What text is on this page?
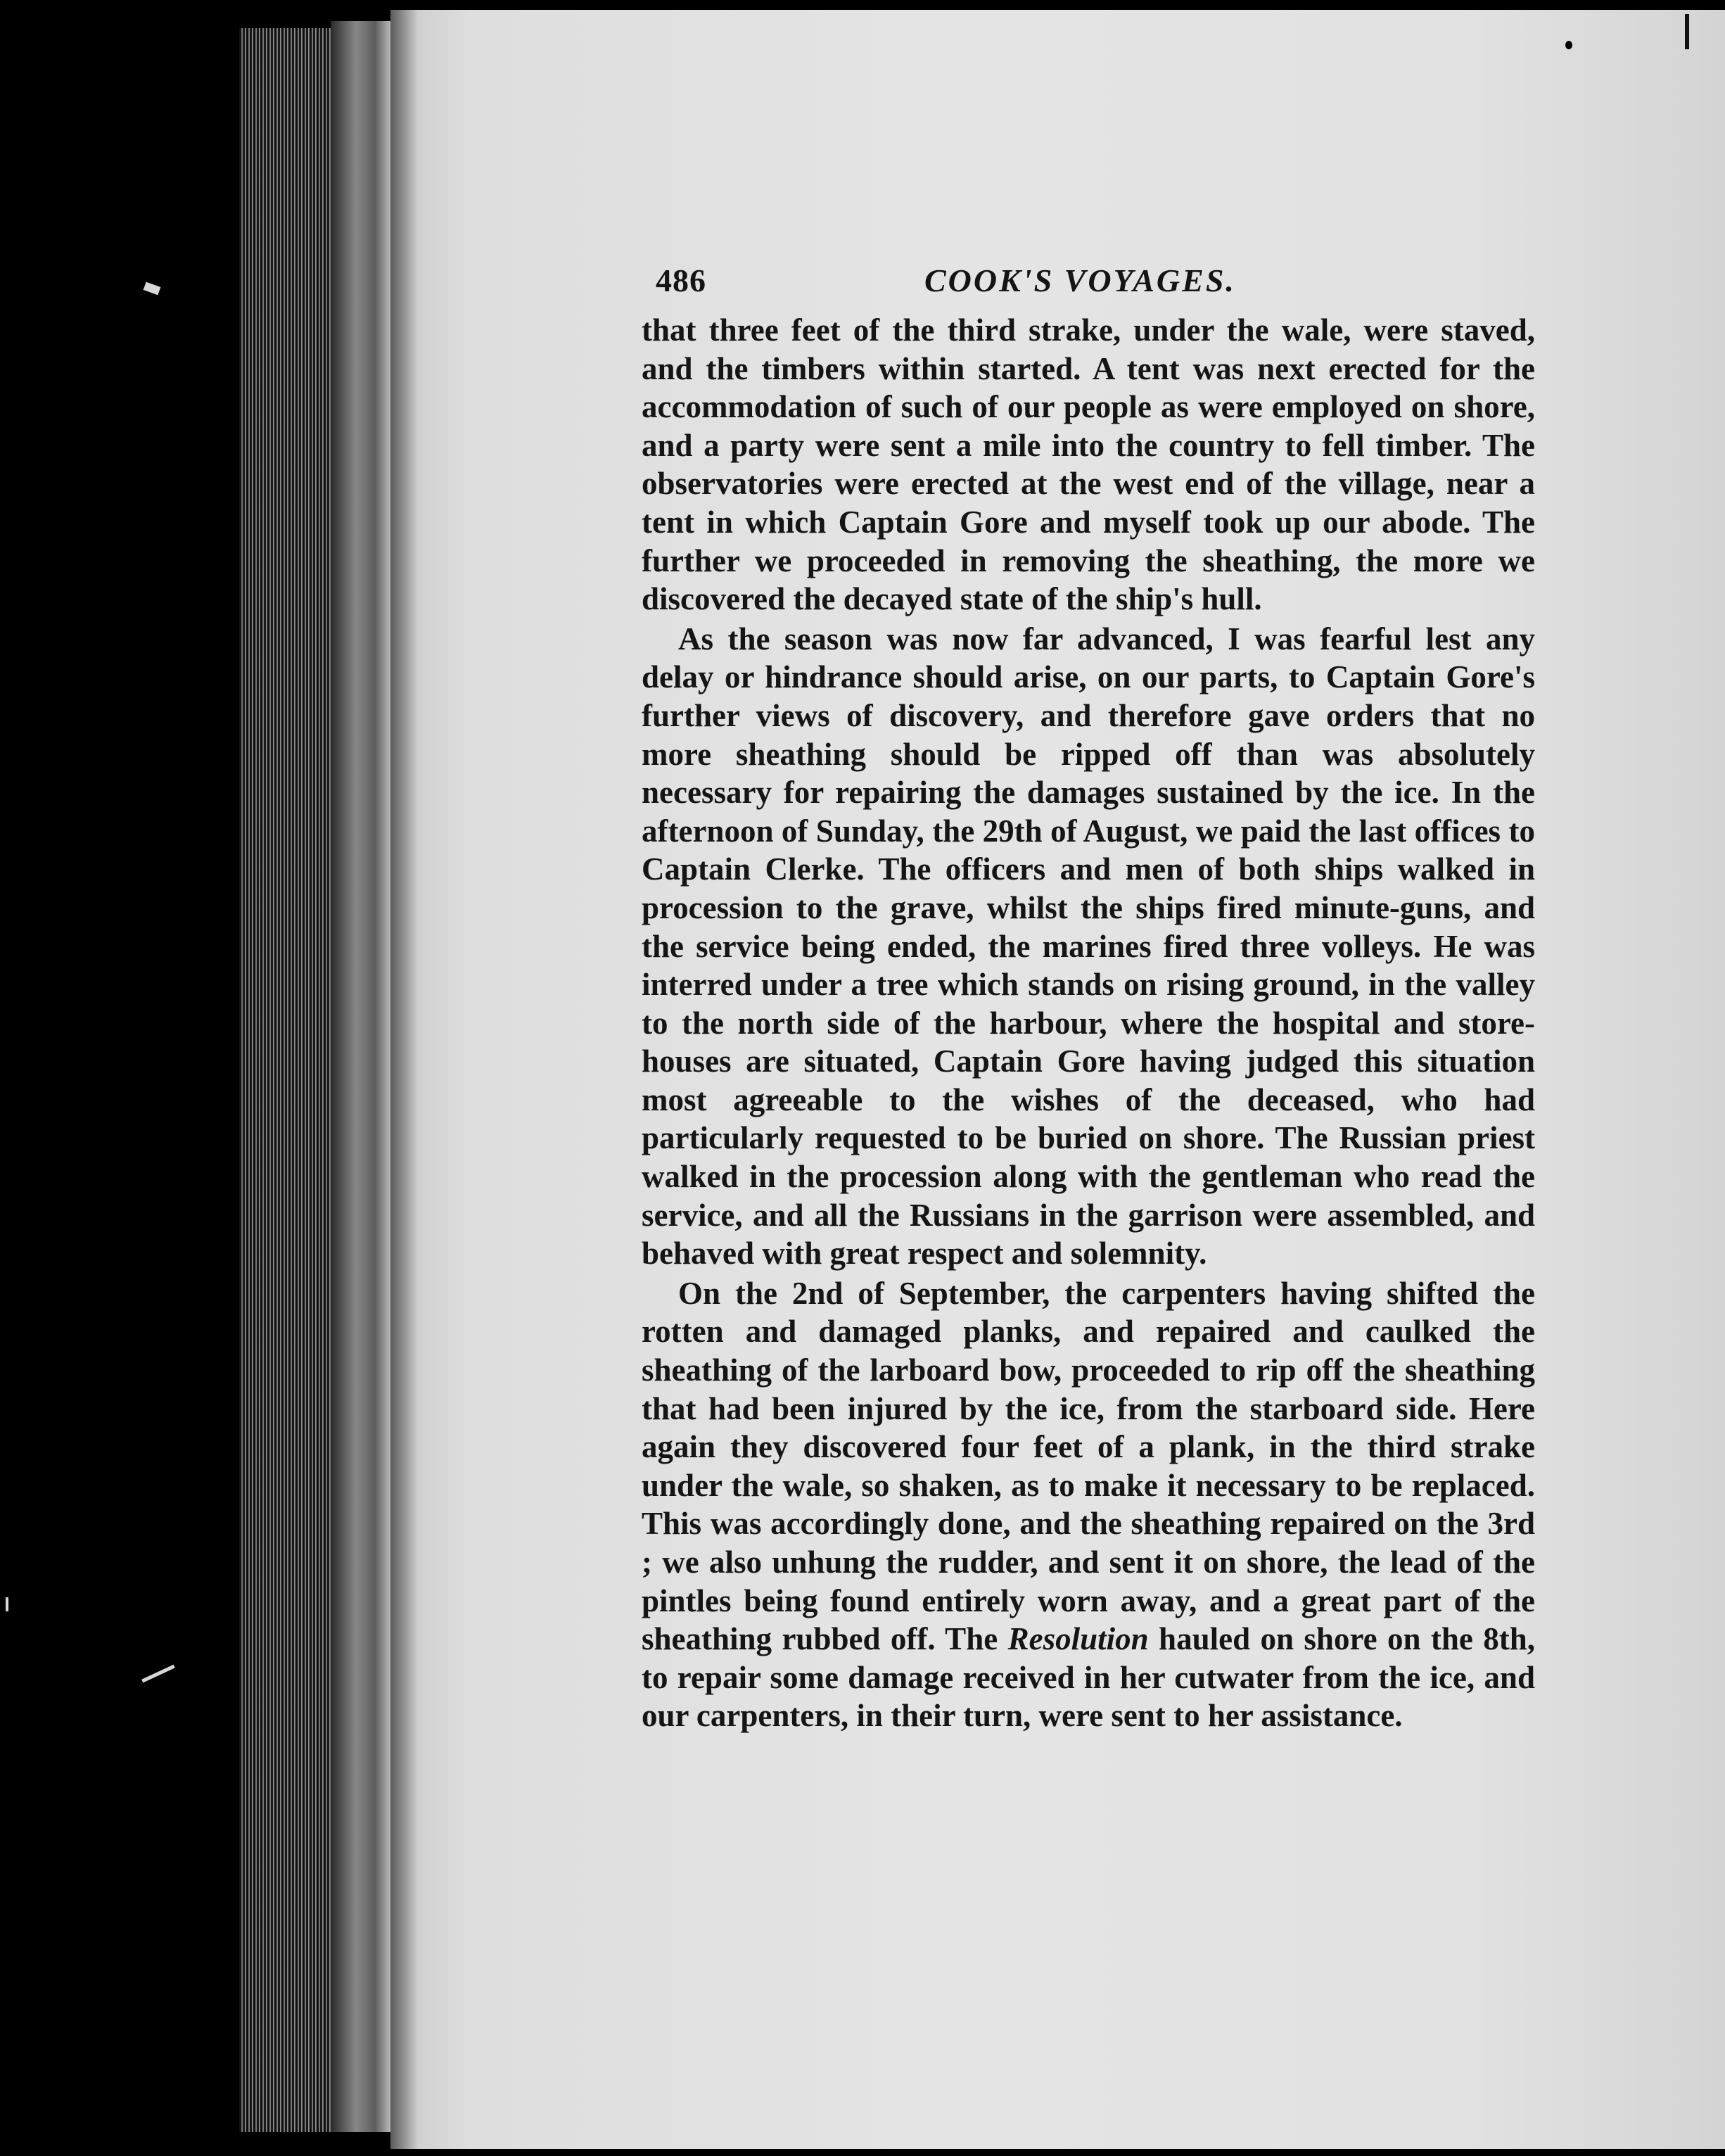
486	COOK'S VOYAGES.

that three feet of the third strake, under the wale, were staved, and the timbers within started. A tent was next erected for the accommodation of such of our people as were employed on shore, and a party were sent a mile into the country to fell timber. The observatories were erected at the west end of the village, near a tent in which Captain Gore and myself took up our abode. The further we proceeded in removing the sheathing, the more we discovered the decayed state of the ship's hull.

As the season was now far advanced, I was fearful lest any delay or hindrance should arise, on our parts, to Captain Gore's further views of discovery, and therefore gave orders that no more sheathing should be ripped off than was absolutely necessary for repairing the damages sustained by the ice. In the afternoon of Sunday, the 29th of August, we paid the last offices to Captain Clerke. The officers and men of both ships walked in procession to the grave, whilst the ships fired minute-guns, and the service being ended, the marines fired three volleys. He was interred under a tree which stands on rising ground, in the valley to the north side of the harbour, where the hospital and store-houses are situated, Captain Gore having judged this situation most agreeable to the wishes of the deceased, who had particularly requested to be buried on shore. The Russian priest walked in the procession along with the gentleman who read the service, and all the Russians in the garrison were assembled, and behaved with great respect and solemnity.

On the 2nd of September, the carpenters having shifted the rotten and damaged planks, and repaired and caulked the sheathing of the larboard bow, proceeded to rip off the sheathing that had been injured by the ice, from the starboard side. Here again they discovered four feet of a plank, in the third strake under the wale, so shaken, as to make it necessary to be replaced. This was accordingly done, and the sheathing repaired on the 3rd ; we also unhung the rudder, and sent it on shore, the lead of the pintles being found entirely worn away, and a great part of the sheathing rubbed off. The Resolution hauled on shore on the 8th, to repair some damage received in her cutwater from the ice, and our carpenters, in their turn, were sent to her assistance.
